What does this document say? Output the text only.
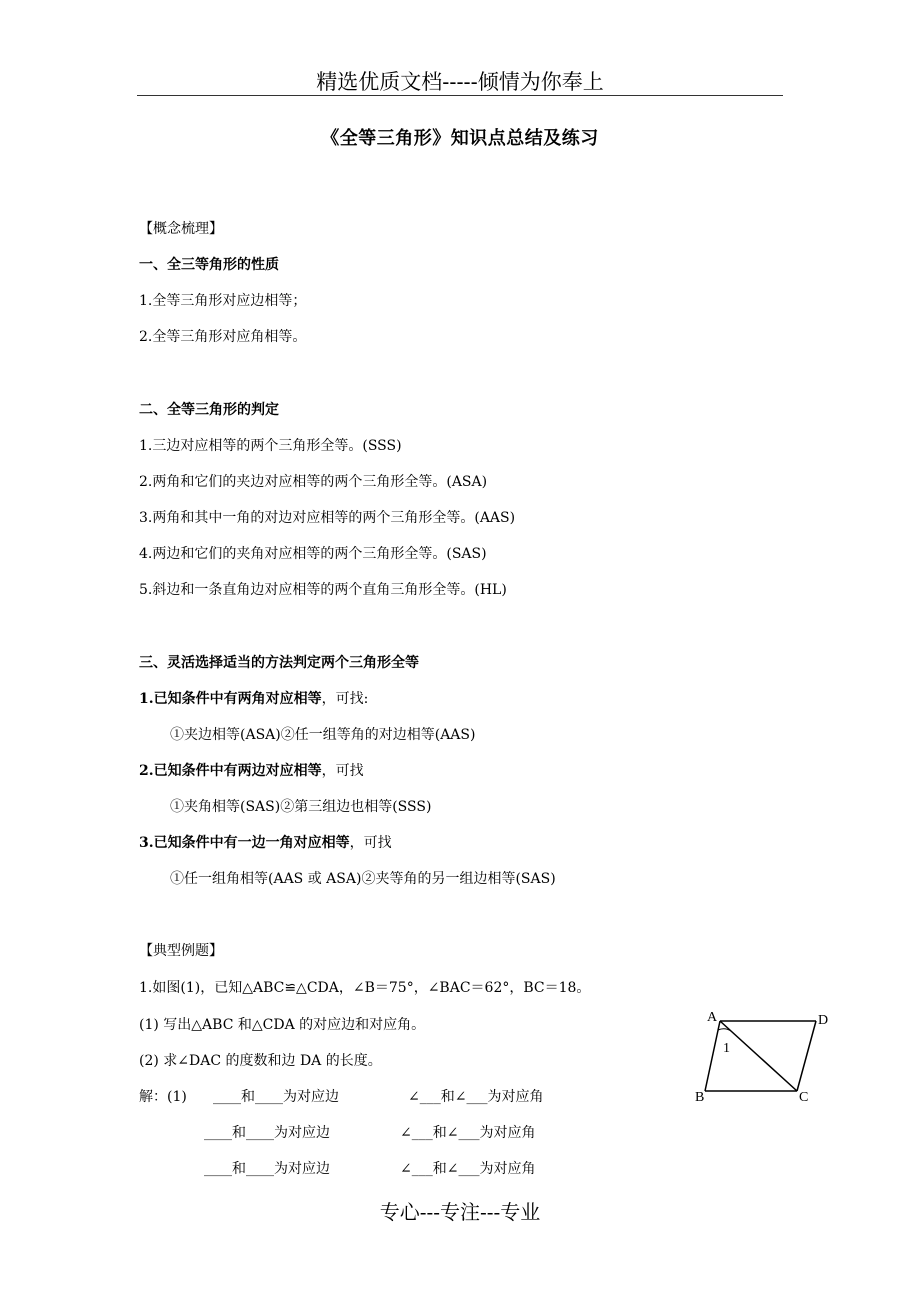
精选优质文档-----倾情为你奉上
《全等三角形》知识点总结及练习
【概念梳理】
一、全三等角形的性质
1.全等三角形对应边相等；
2.全等三角形对应角相等。
二、全等三角形的判定
1.三边对应相等的两个三角形全等。(SSS)
2.两角和它们的夹边对应相等的两个三角形全等。(ASA)
3.两角和其中一角的对边对应相等的两个三角形全等。(AAS)
4.两边和它们的夹角对应相等的两个三角形全等。(SAS)
5.斜边和一条直角边对应相等的两个直角三角形全等。(HL)
三、灵活选择适当的方法判定两个三角形全等
1.已知条件中有两角对应相等，可找:
①夹边相等(ASA)②任一组等角的对边相等(AAS)
2.已知条件中有两边对应相等，可找
①夹角相等(SAS)②第三组边也相等(SSS)
3.已知条件中有一边一角对应相等，可找
①任一组角相等(AAS 或 ASA)②夹等角的另一组边相等(SAS)
【典型例题】
1.如图(1)，已知△ABC≌△CDA，∠B＝75°，∠BAC＝62°，BC＝18。
(1) 写出△ABC 和△CDA 的对应边和对应角。
(2) 求∠DAC 的度数和边 DA 的长度。
解：(1) ____和____为对应边	∠___和∠___为对应角
____和____为对应边	∠___和∠___为对应角
____和____为对应边	∠___和∠___为对应角
A	D
B	C
1
专心---专注---专业
